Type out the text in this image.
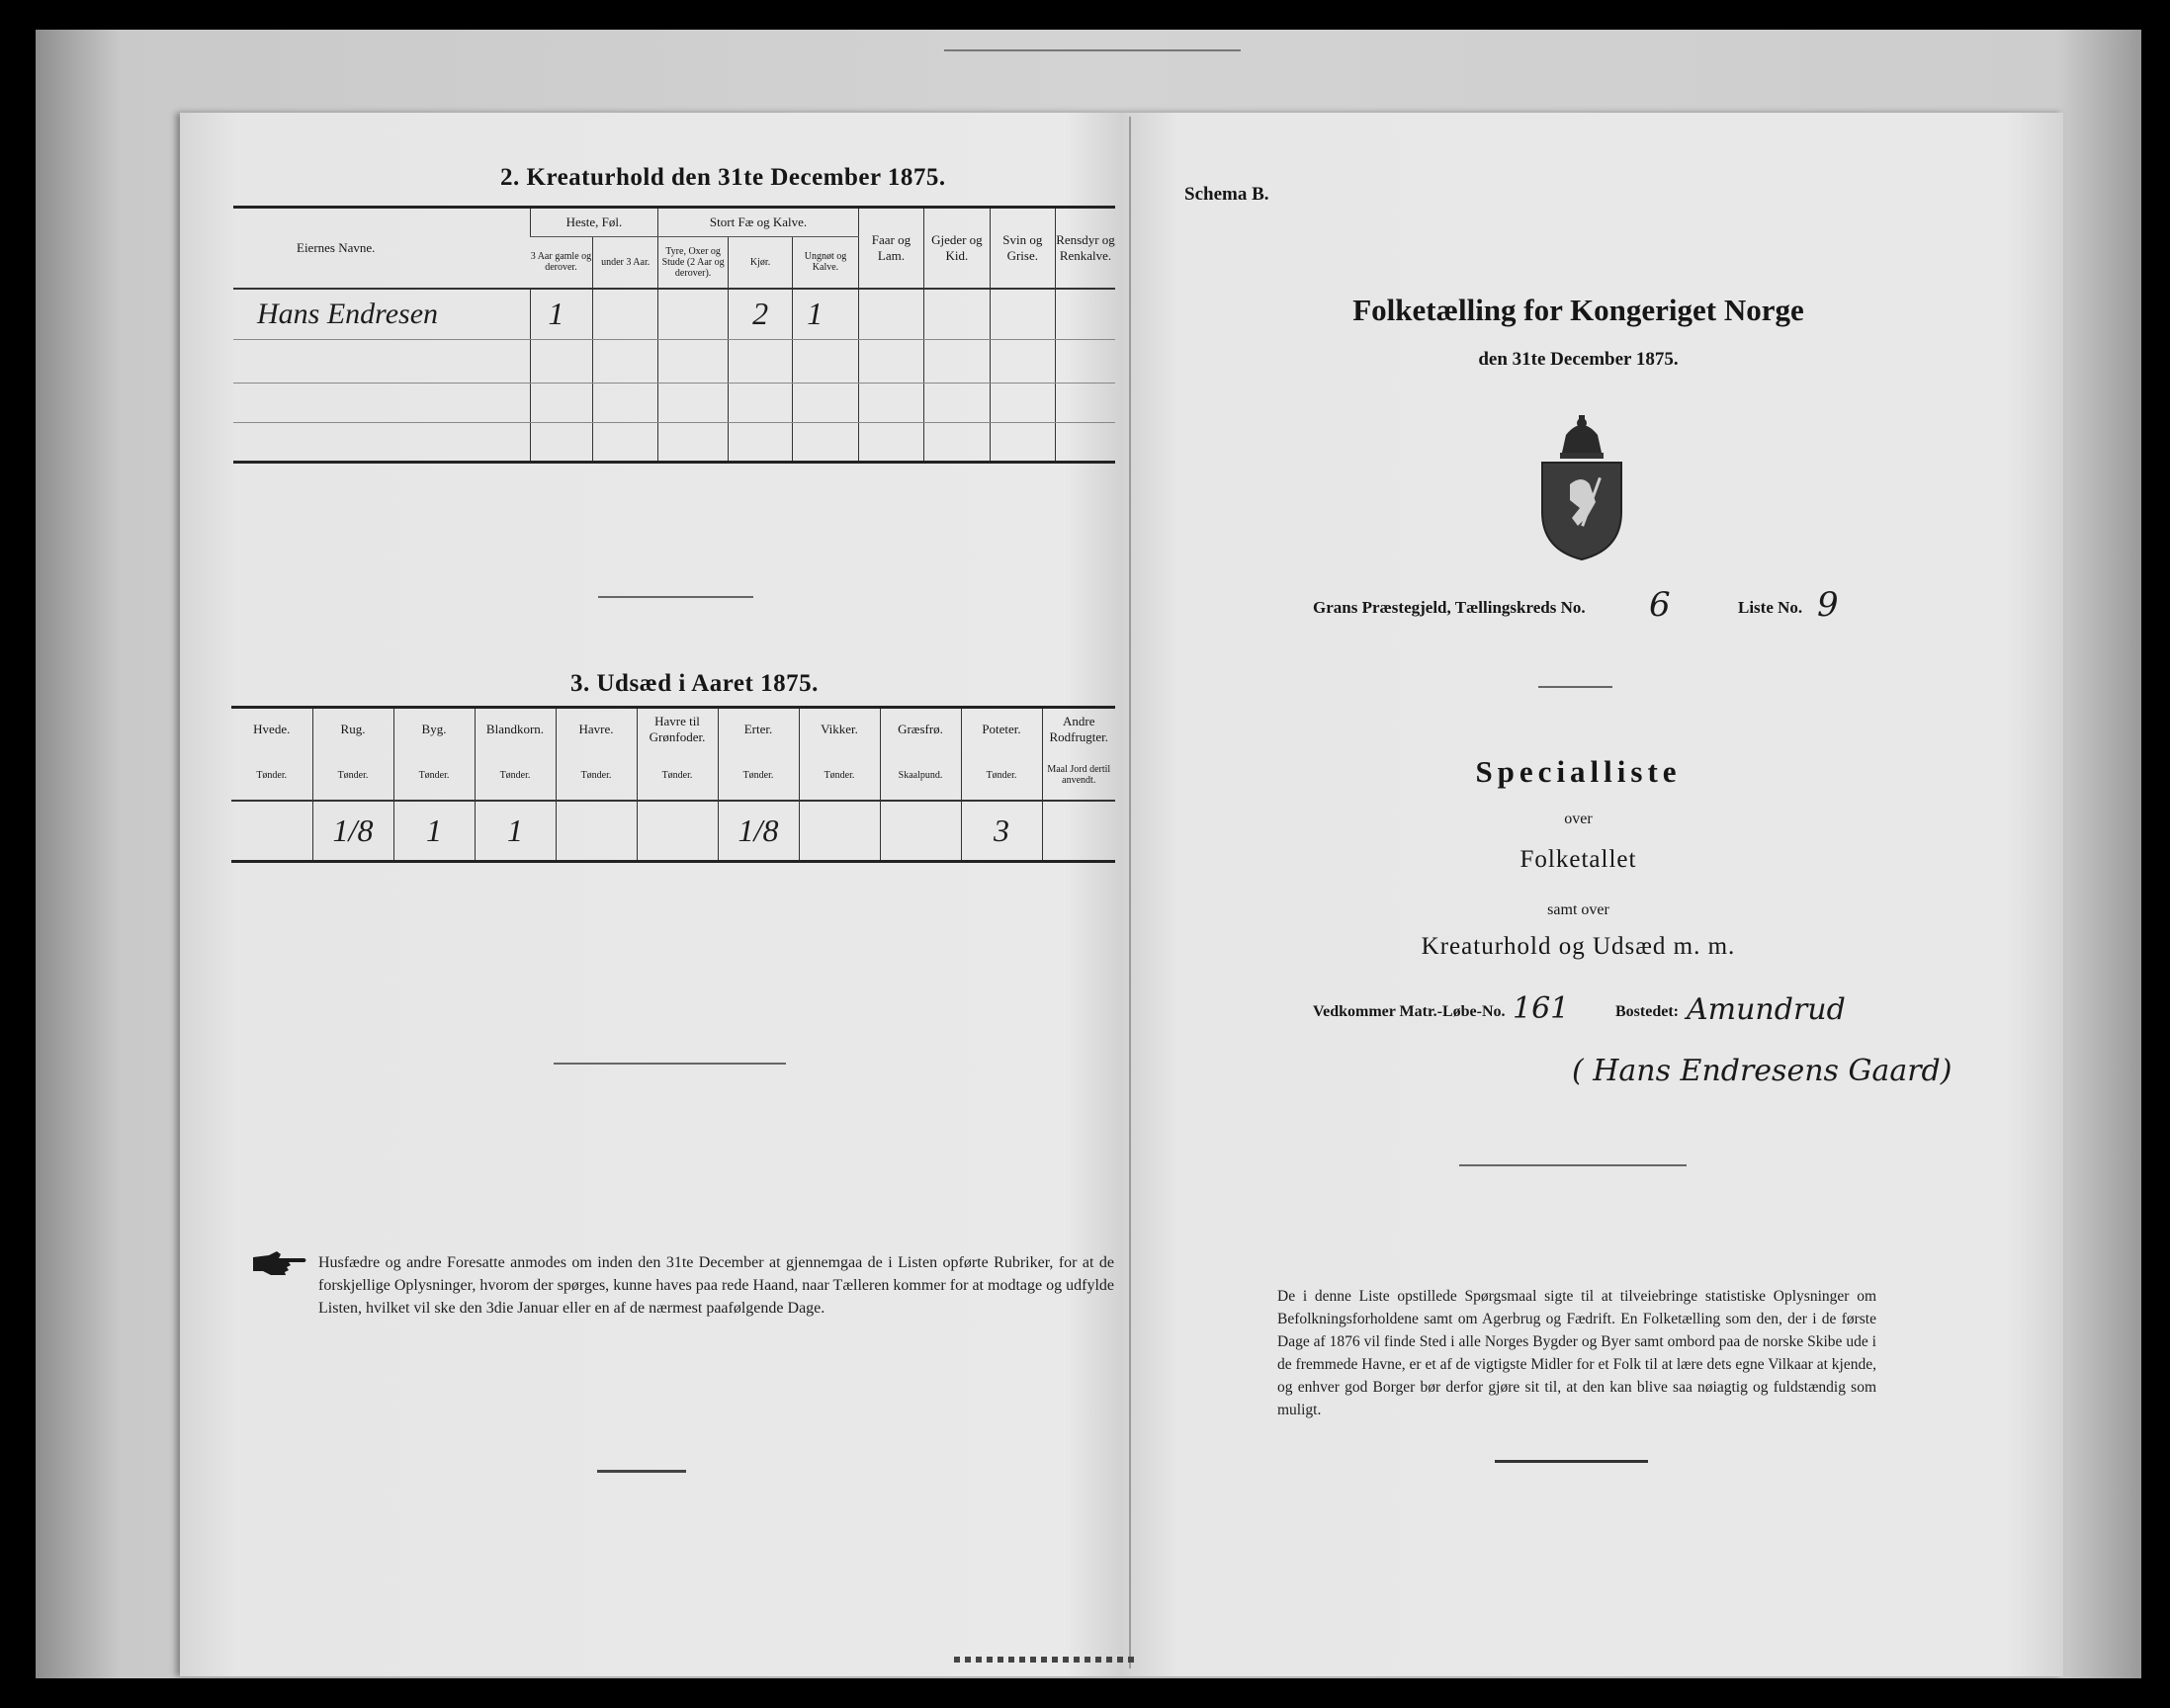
2. Kreaturhold den 31te December 1875.
Eiernes Navne.	Heste, Føl.		Stort Fæ og Kalve.			Faar og Lam.	Gjeder og Kid.	Svin og Grise.	Rensdyr og Renkalve.
	3 Aar gamle og derover.	under 3 Aar.	Tyre, Oxer og Stude (2 Aar og derover).	Kjør.	Ungnøt og Kalve.				
Hans Endresen	1			2	1				

3. Udsæd i Aaret 1875.
Hvede.	Rug.	Byg.	Blandkorn.	Havre.	Havre til Grønfoder.	Erter.	Vikker.	Græsfrø.	Poteter.	Andre Rodfrugter.
Tønder.	Tønder.	Tønder.	Tønder.	Tønder.	Tønder.	Tønder.	Tønder.	Skaalpund.	Tønder.	Maal Jord dertil anvendt.
	1/8	1	1			1/8			3	
Husfædre og andre Foresatte anmodes om inden den 31te December at gjennemgaa de i Listen opførte Rubriker, for at de forskjellige Oplysninger, hvorom der spørges, kunne haves paa rede Haand, naar Tælleren kommer for at modtage og udfylde Listen, hvilket vil ske den 3die Januar eller en af de nærmest paafølgende Dage.
Schema B.
Folketælling for Kongeriget Norge
den 31te December 1875.
Grans Præstegjeld, Tællingskreds No. 6	Liste No. 9
Specialliste
over
Folketallet
samt over
Kreaturhold og Udsæd m. m.
Vedkommer Matr.-Løbe-No. 161	Bostedet: Amundrud
( Hans Endresens Gaard)
De i denne Liste opstillede Spørgsmaal sigte til at tilveiebringe statistiske Oplysninger om Befolkningsforholdene samt om Agerbrug og Fædrift. En Folketælling som den, der i de første Dage af 1876 vil finde Sted i alle Norges Bygder og Byer samt ombord paa de norske Skibe ude i de fremmede Havne, er et af de vigtigste Midler for et Folk til at lære dets egne Vilkaar at kjende, og enhver god Borger bør derfor gjøre sit til, at den kan blive saa nøiagtig og fuldstændig som muligt.
